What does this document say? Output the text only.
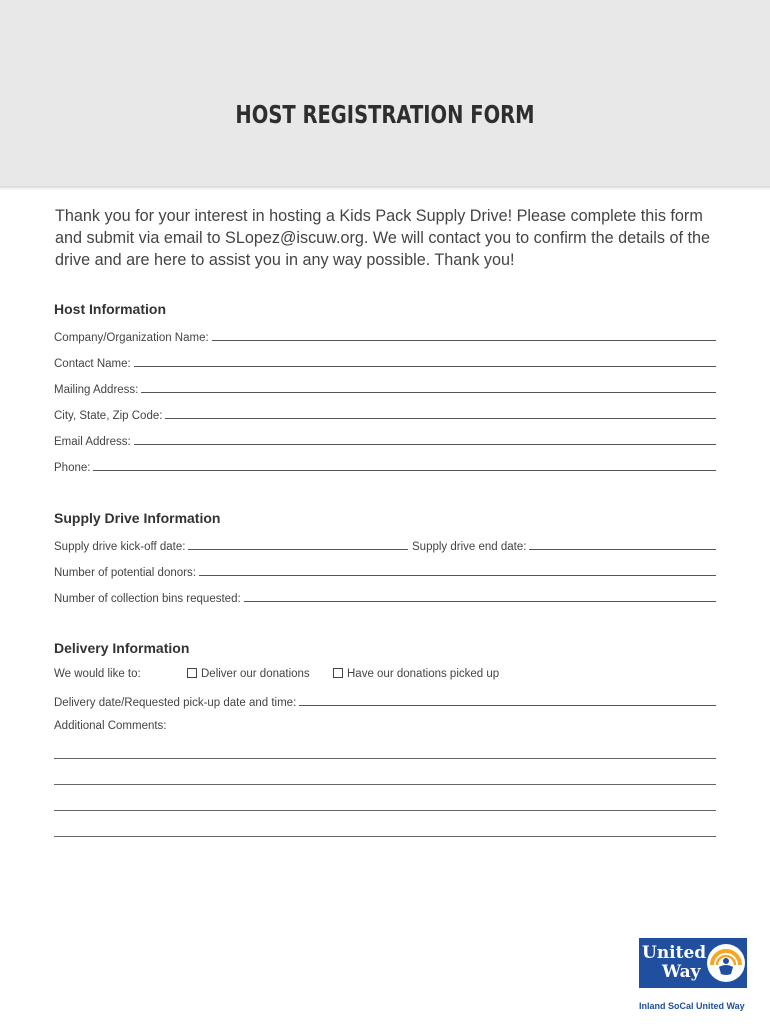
HOST REGISTRATION FORM
Thank you for your interest in hosting a Kids Pack Supply Drive! Please complete this form and submit via email to SLopez@iscuw.org. We will contact you to confirm the details of the drive and are here to assist you in any way possible. Thank you!
Host Information
Company/Organization Name:
Contact Name:
Mailing Address:
City, State, Zip Code:
Email Address:
Phone:
Supply Drive Information
Supply drive kick-off date:	Supply drive end date:
Number of potential donors:
Number of collection bins requested:
Delivery Information
We would like to:	Deliver our donations	Have our donations picked up
Delivery date/Requested pick-up date and time:
Additional Comments:
United
Way
Inland SoCal United Way
